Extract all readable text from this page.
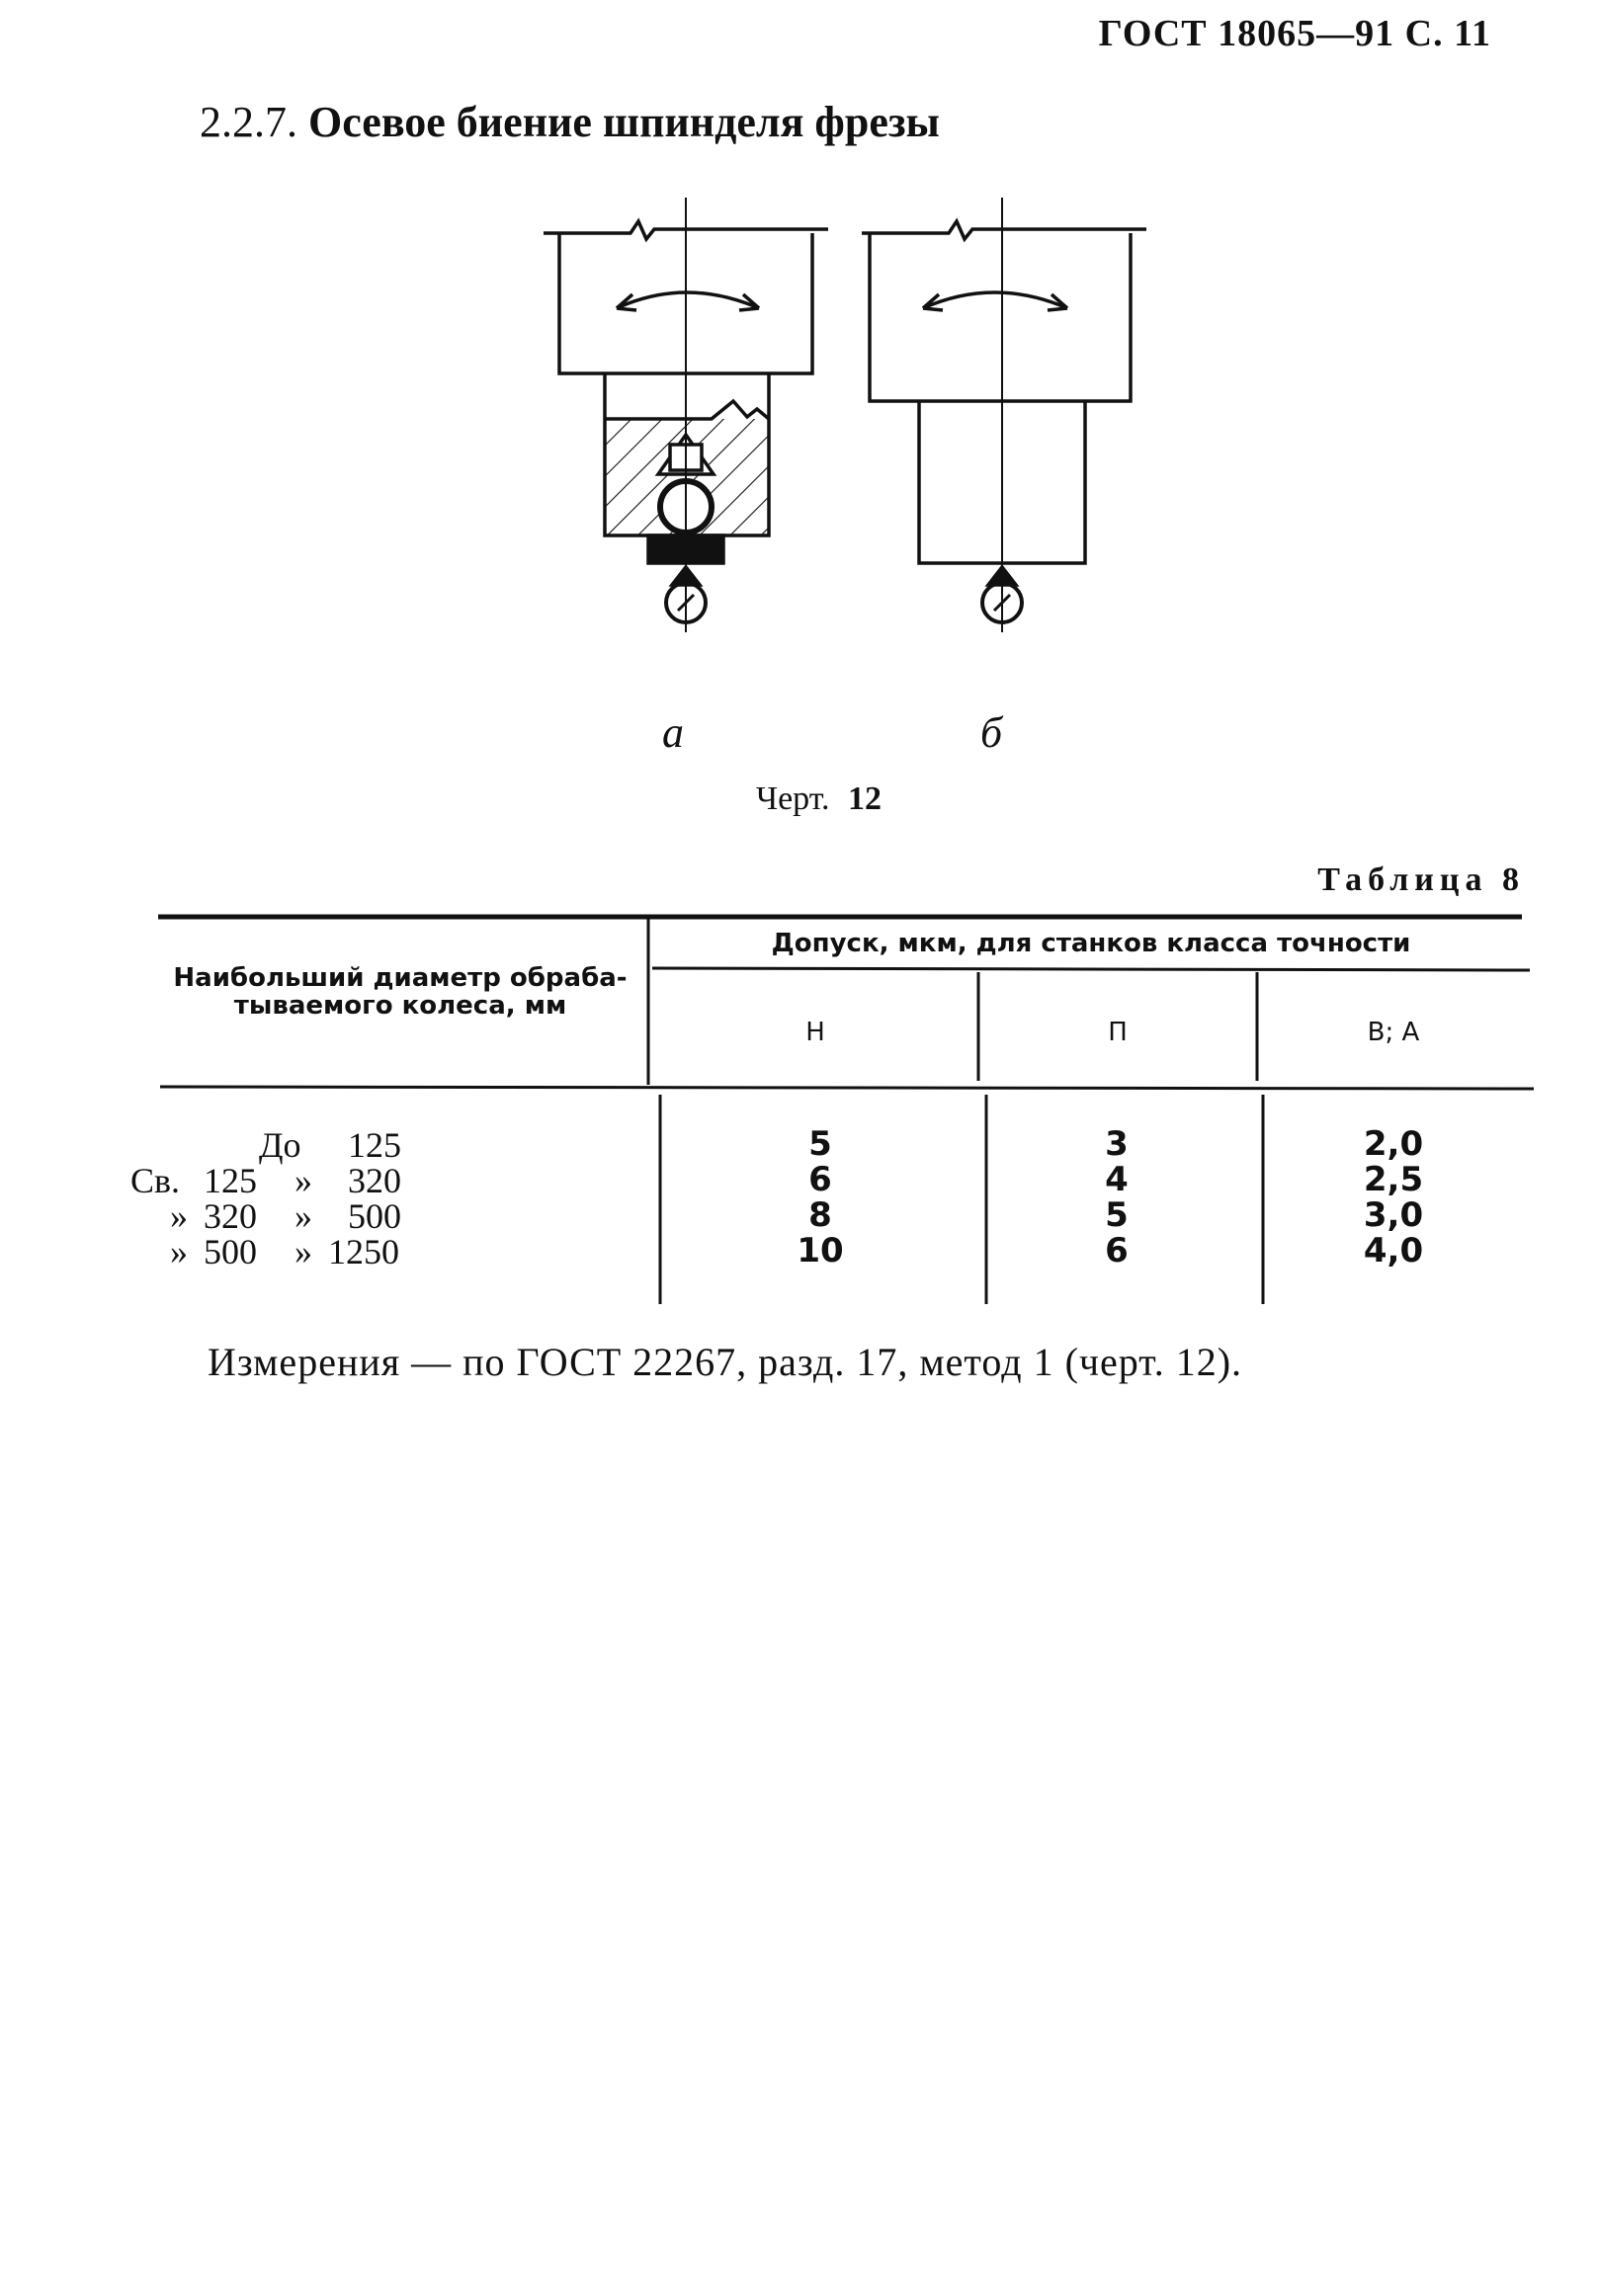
ГОСТ 18065—91 С. 11
2.2.7. Осевое биение шпинделя фрезы
a	б
Черт. 12
Таблица 8
Наибольший диаметр обраба-
тываемого колеса, мм
Допуск, мкм, для станков класса точности
Н	П	В; А
До 125	5	3	2,0
Св. 125 » 320	6	4	2,5
» 320 » 500	8	5	3,0
» 500 » 1250	10	6	4,0
Измерения — по ГОСТ 22267, разд. 17, метод 1 (черт. 12).
